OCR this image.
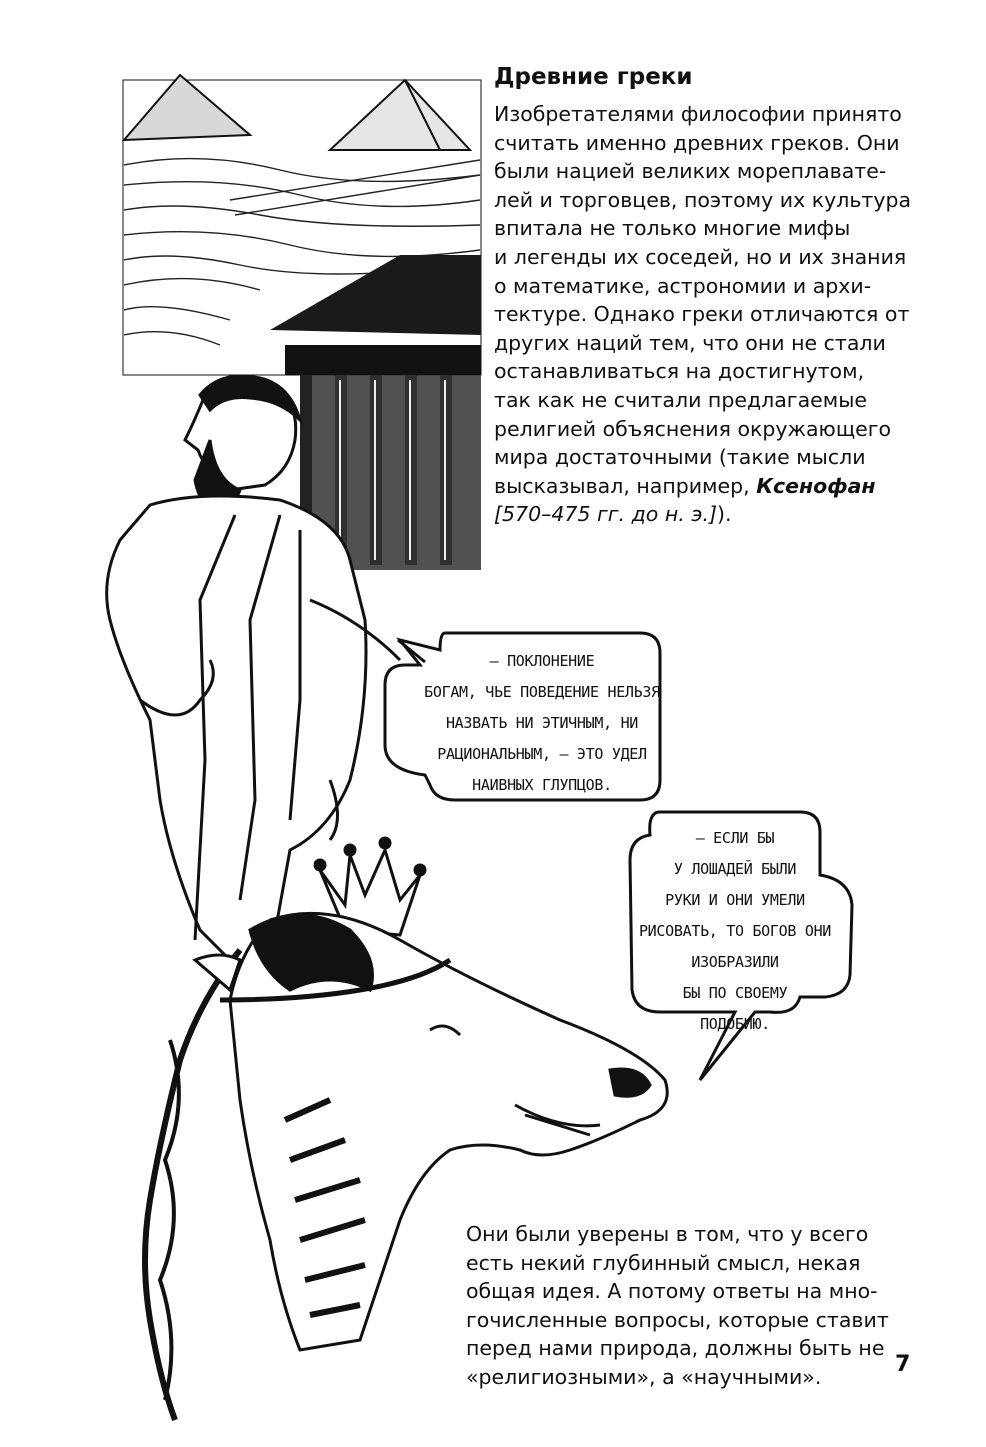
Древние греки

Изобретателями философии принято
считать именно древних греков. Они
были нацией великих мореплавате-
лей и торговцев, поэтому их культура
впитала не только многие мифы
и легенды их соседей, но и их знания
о математике, астрономии и архи-
тектуре. Однако греки отличаются от
других наций тем, что они не стали
останавливаться на достигнутом,
так как не считали предлагаемые
религией объяснения окружающего
мира достаточными (такие мысли
высказывал, например, Ксенофан
[570–475 гг. до н. э.]).

— ПОКЛОНЕНИЕ
БОГАМ, ЧЬЕ ПОВЕДЕНИЕ НЕЛЬЗЯ
НАЗВАТЬ НИ ЭТИЧНЫМ, НИ
РАЦИОНАЛЬНЫМ, — ЭТО УДЕЛ
НАИВНЫХ ГЛУПЦОВ.
— ЕСЛИ БЫ
У ЛОШАДЕЙ БЫЛИ
РУКИ И ОНИ УМЕЛИ
РИСОВАТЬ, ТО БОГОВ ОНИ
ИЗОБРАЗИЛИ
БЫ ПО СВОЕМУ
ПОДОБИЮ.

Они были уверены в том, что у всего
есть некий глубинный смысл, некая
общая идея. А потому ответы на мно-
гочисленные вопросы, которые ставит
перед нами природа, должны быть не
«религиозными», а «научными».	7
